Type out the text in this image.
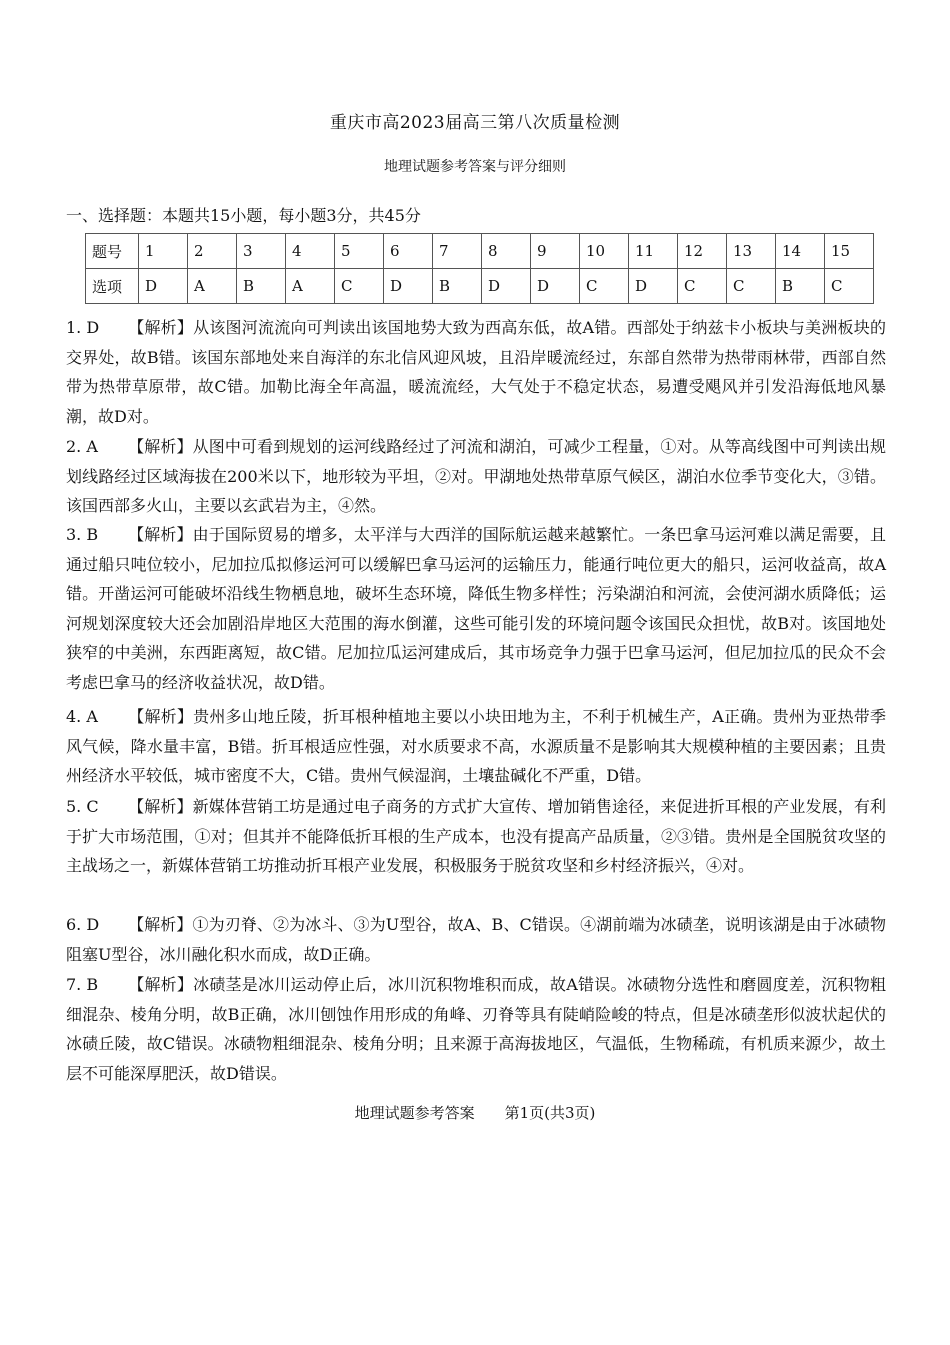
重庆市高2023届高三第八次质量检测
地理试题参考答案与评分细则
一、选择题：本题共15小题，每小题3分，共45分
题号	1	2	3	4	5	6	7	8	9	10	11	12	13	14	15
选项	D	A	B	A	C	D	B	D	D	C	D	C	C	B	C
1. D 【解析】从该图河流流向可判读出该国地势大致为西高东低，故A错。西部处于纳兹卡小板块与美洲板块的交界处，故B错。该国东部地处来自海洋的东北信风迎风坡，且沿岸暖流经过，东部自然带为热带雨林带，西部自然带为热带草原带，故C错。加勒比海全年高温，暖流流经，大气处于不稳定状态，易遭受飓风并引发沿海低地风暴潮，故D对。
2. A 【解析】从图中可看到规划的运河线路经过了河流和湖泊，可减少工程量，①对。从等高线图中可判读出规划线路经过区域海拔在200米以下，地形较为平坦，②对。甲湖地处热带草原气候区，湖泊水位季节变化大，③错。该国西部多火山，主要以玄武岩为主，④然。
3. B 【解析】由于国际贸易的增多，太平洋与大西洋的国际航运越来越繁忙。一条巴拿马运河难以满足需要，且通过船只吨位较小，尼加拉瓜拟修运河可以缓解巴拿马运河的运输压力，能通行吨位更大的船只，运河收益高，故A错。开凿运河可能破坏沿线生物栖息地，破坏生态环境，降低生物多样性；污染湖泊和河流，会使河湖水质降低；运河规划深度较大还会加剧沿岸地区大范围的海水倒灌，这些可能引发的环境问题令该国民众担忧，故B对。该国地处狭窄的中美洲，东西距离短，故C错。尼加拉瓜运河建成后，其市场竞争力强于巴拿马运河，但尼加拉瓜的民众不会考虑巴拿马的经济收益状况，故D错。
4. A 【解析】贵州多山地丘陵，折耳根种植地主要以小块田地为主，不利于机械生产，A正确。贵州为亚热带季风气候，降水量丰富，B错。折耳根适应性强，对水质要求不高，水源质量不是影响其大规模种植的主要因素；且贵州经济水平较低，城市密度不大，C错。贵州气候湿润，土壤盐碱化不严重，D错。
5. C 【解析】新媒体营销工坊是通过电子商务的方式扩大宣传、增加销售途径，来促进折耳根的产业发展，有利于扩大市场范围，①对；但其并不能降低折耳根的生产成本，也没有提高产品质量，②③错。贵州是全国脱贫攻坚的主战场之一，新媒体营销工坊推动折耳根产业发展，积极服务于脱贫攻坚和乡村经济振兴，④对。
6. D 【解析】①为刃脊、②为冰斗、③为U型谷，故A、B、C错误。④湖前端为冰碛垄，说明该湖是由于冰碛物阻塞U型谷，冰川融化积水而成，故D正确。
7. B 【解析】冰碛茎是冰川运动停止后，冰川沉积物堆积而成，故A错误。冰碛物分选性和磨圆度差，沉积物粗细混杂、棱角分明，故B正确，冰川刨蚀作用形成的角峰、刃脊等具有陡峭险峻的特点，但是冰碛垄形似波状起伏的冰碛丘陵，故C错误。冰碛物粗细混杂、棱角分明；且来源于高海拔地区，气温低，生物稀疏，有机质来源少，故土层不可能深厚肥沃，故D错误。
地理试题参考答案　　第1页(共3页)
